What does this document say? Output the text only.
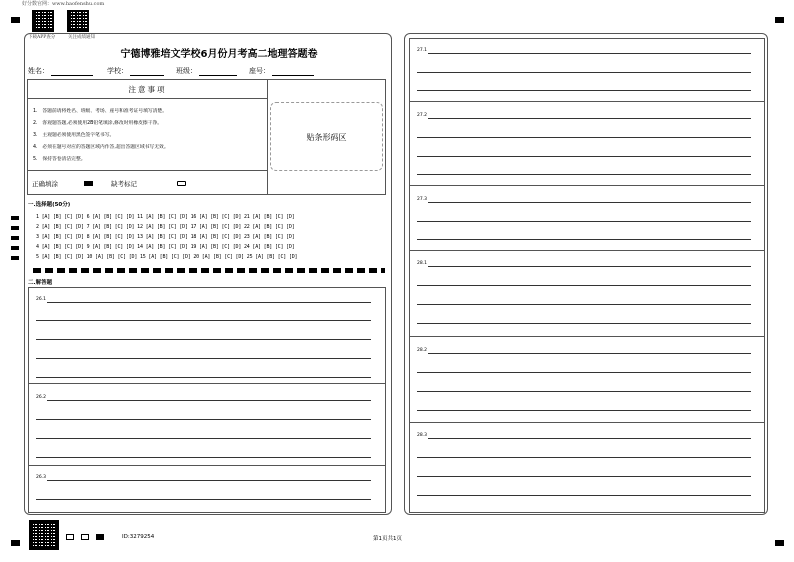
好分数官网：www.haofenshu.com
下载APP查分	关注成绩通知
宁德博雅培文学校6月份月考高二地理答题卷
姓名：	学校：	班级：	座号：
注意事项
1.　答题前请将姓名、班级、考场、座号和准考证号填写清楚。
2.　客观题答题,必须使用2B铅笔填涂,修改时用橡皮擦干净。
3.　主观题必须使用黑色签字笔书写。
4.　必须在题号对应的答题区域内作答,超出答题区域书写无效。
5.　保持答卷清洁完整。
正确填涂	缺考标记
贴条形码区
一.选择题(50分)
1 [A] [B] [C] [D] 6 [A] [B] [C] [D] 11 [A] [B] [C] [D] 16 [A] [B] [C] [D] 21 [A] [B] [C] [D]
2 [A] [B] [C] [D] 7 [A] [B] [C] [D] 12 [A] [B] [C] [D] 17 [A] [B] [C] [D] 22 [A] [B] [C] [D]
3 [A] [B] [C] [D] 8 [A] [B] [C] [D] 13 [A] [B] [C] [D] 18 [A] [B] [C] [D] 23 [A] [B] [C] [D]
4 [A] [B] [C] [D] 9 [A] [B] [C] [D] 14 [A] [B] [C] [D] 19 [A] [B] [C] [D] 24 [A] [B] [C] [D]
5 [A] [B] [C] [D] 10 [A] [B] [C] [D] 15 [A] [B] [C] [D] 20 [A] [B] [C] [D] 25 [A] [B] [C] [D]
二.解答题
26.1
26.2
26.3
27.1
27.2
27.3
28.1
28.2
28.3
ID:3279254	第1页共1页
